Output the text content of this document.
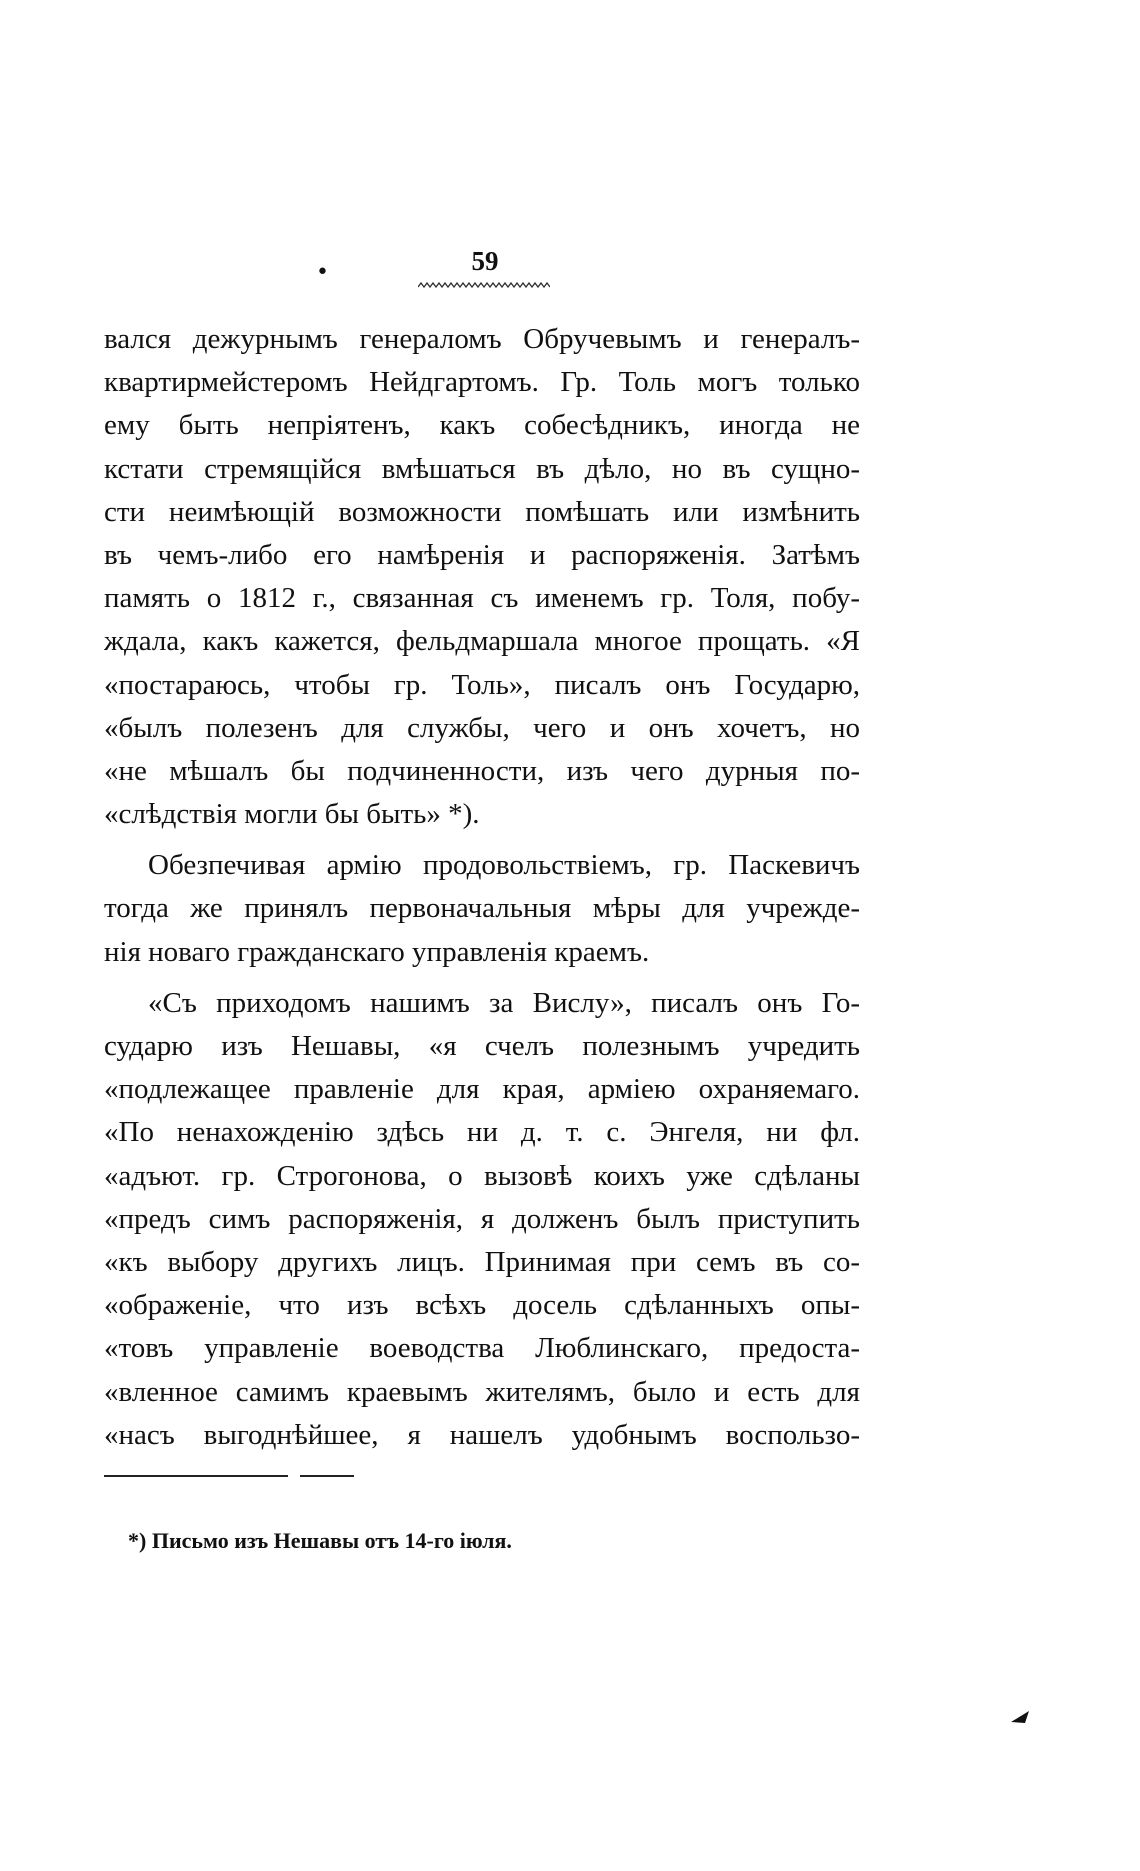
•	59
вался дежурнымъ генераломъ Обручевымъ и генералъ-
квартирмейстеромъ Нейдгартомъ. Гр. Толь могъ только
ему быть непріятенъ, какъ собесѣдникъ, иногда не
кстати стремящійся вмѣшаться въ дѣло, но въ сущно-
сти неимѣющій возможности помѣшать или измѣнить
въ чемъ-либо его намѣренія и распоряженія. Затѣмъ
память о 1812 г., связанная съ именемъ гр. Толя, побу-
ждала, какъ кажется, фельдмаршала многое прощать. «Я
«постараюсь, чтобы гр. Толь», писалъ онъ Государю,
«былъ полезенъ для службы, чего и онъ хочетъ, но
«не мѣшалъ бы подчиненности, изъ чего дурныя по-
«слѣдствія могли бы быть» *).
Обезпечивая армію продовольствіемъ, гр. Паскевичъ
тогда же принялъ первоначальныя мѣры для учрежде-
нія новаго гражданскаго управленія краемъ.
«Съ приходомъ нашимъ за Вислу», писалъ онъ Го-
сударю изъ Нешавы, «я счелъ полезнымъ учредить
«подлежащее правленіе для края, арміею охраняемаго.
«По ненахожденію здѣсь ни д. т. с. Энгеля, ни фл.
«адъют. гр. Строгонова, о вызовѣ коихъ уже сдѣланы
«предъ симъ распоряженія, я долженъ былъ приступить
«къ выбору другихъ лицъ. Принимая при семъ въ со-
«ображеніе, что изъ всѣхъ досель сдѣланныхъ опы-
«товъ управленіе воеводства Люблинскаго, предоста-
«вленное самимъ краевымъ жителямъ, было и есть для
«насъ выгоднѣйшее, я нашелъ удобнымъ воспользо-
*) Письмо изъ Нешавы отъ 14-го іюля.
